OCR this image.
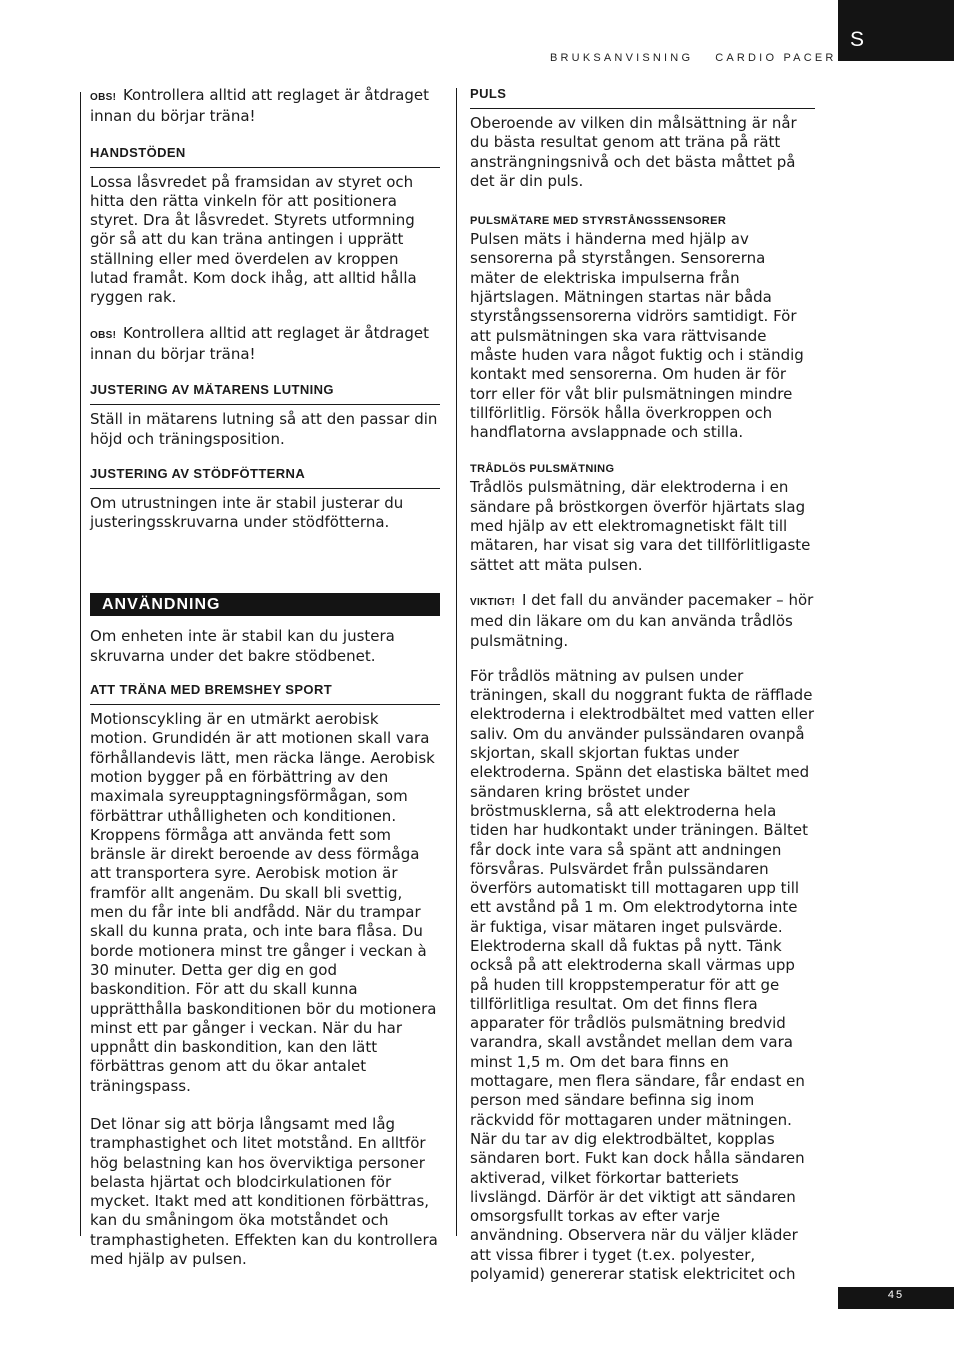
S
BRUKSANVISNING CARDIO PACER

OBS! Kontrollera alltid att reglaget är åtdraget innan du börjar träna!

HANDSTÖDEN

Lossa låsvredet på framsidan av styret och hitta den rätta vinkeln för att positionera styret. Dra åt låsvredet. Styrets utformning gör så att du kan träna antingen i upprätt ställning eller med överdelen av kroppen lutad framåt. Kom dock ihåg, att alltid hålla ryggen rak.

OBS! Kontrollera alltid att reglaget är åtdraget innan du börjar träna!

JUSTERING AV MÄTARENS LUTNING

Ställ in mätarens lutning så att den passar din höjd och träningsposition.

JUSTERING AV STÖDFÖTTERNA

Om utrustningen inte är stabil justerar du justeringsskruvarna under stödfötterna.

ANVÄNDNING

Om enheten inte är stabil kan du justera skruvarna under det bakre stödbenet.

ATT TRÄNA MED BREMSHEY SPORT

Motionscykling är en utmärkt aerobisk motion. Grundidén är att motionen skall vara förhållandevis lätt, men räcka länge. Aerobisk motion bygger på en förbättring av den maximala syreupptagningsförmågan, som förbättrar uthålligheten och konditionen. Kroppens förmåga att använda fett som bränsle är direkt beroende av dess förmåga att transportera syre. Aerobisk motion är framför allt angenäm. Du skall bli svettig, men du får inte bli andfådd. När du trampar skall du kunna prata, och inte bara flåsa. Du borde motionera minst tre gånger i veckan à 30 minuter. Detta ger dig en god baskondition. För att du skall kunna upprätthålla baskonditionen bör du motionera minst ett par gånger i veckan. När du har uppnått din baskondition, kan den lätt förbättras genom att du ökar antalet träningspass.

Det lönar sig att börja långsamt med låg tramphastighet och litet motstånd. En alltför hög belastning kan hos överviktiga personer belasta hjärtat och blodcirkulationen för mycket. Itakt med att konditionen förbättras, kan du småningom öka motståndet och tramphastigheten. Effekten kan du kontrollera med hjälp av pulsen.

PULS

Oberoende av vilken din målsättning är når du bästa resultat genom att träna på rätt ansträngningsnivå och det bästa måttet på det är din puls.

PULSMÄTARE MED STYRSTÅNGSSENSORER

Pulsen mäts i händerna med hjälp av sensorerna på styrstången. Sensorerna mäter de elektriska impulserna från hjärtslagen. Mätningen startas när båda styrstångssensorerna vidrörs samtidigt. För att pulsmätningen ska vara rättvisande måste huden vara något fuktig och i ständig kontakt med sensorerna. Om huden är för torr eller för våt blir pulsmätningen mindre tillförlitlig. Försök hålla överkroppen och handflatorna avslappnade och stilla.

TRÅDLÖS PULSMÄTNING

Trådlös pulsmätning, där elektroderna i en sändare på bröstkorgen överför hjärtats slag med hjälp av ett elektromagnetiskt fält till mätaren, har visat sig vara det tillförlitligaste sättet att mäta pulsen.

VIKTIGT! I det fall du använder pacemaker – hör med din läkare om du kan använda trådlös pulsmätning.

För trådlös mätning av pulsen under träningen, skall du noggrant fukta de räfflade elektroderna i elektrodbältet med vatten eller saliv. Om du använder pulssändaren ovanpå skjortan, skall skjortan fuktas under elektroderna. Spänn det elastiska bältet med sändaren kring bröstet under bröstmusklerna, så att elektroderna hela tiden har hudkontakt under träningen. Bältet får dock inte vara så spänt att andningen försvåras. Pulsvärdet från pulssändaren överförs automatiskt till mottagaren upp till ett avstånd på 1 m. Om elektrodytorna inte är fuktiga, visar mätaren inget pulsvärde. Elektroderna skall då fuktas på nytt. Tänk också på att elektroderna skall värmas upp på huden till kroppstemperatur för att ge tillförlitliga resultat. Om det finns flera apparater för trådlös pulsmätning bredvid varandra, skall avståndet mellan dem vara minst 1,5 m. Om det bara finns en mottagare, men flera sändare, får endast en person med sändare befinna sig inom räckvidd för mottagaren under mätningen. När du tar av dig elektrodbältet, kopplas sändaren bort. Fukt kan dock hålla sändaren aktiverad, vilket förkortar batteriets livslängd. Därför är det viktigt att sändaren omsorgsfullt torkas av efter varje användning. Observera när du väljer kläder att vissa fibrer i tyget (t.ex. polyester, polyamid) genererar statisk elektricitet och

45
